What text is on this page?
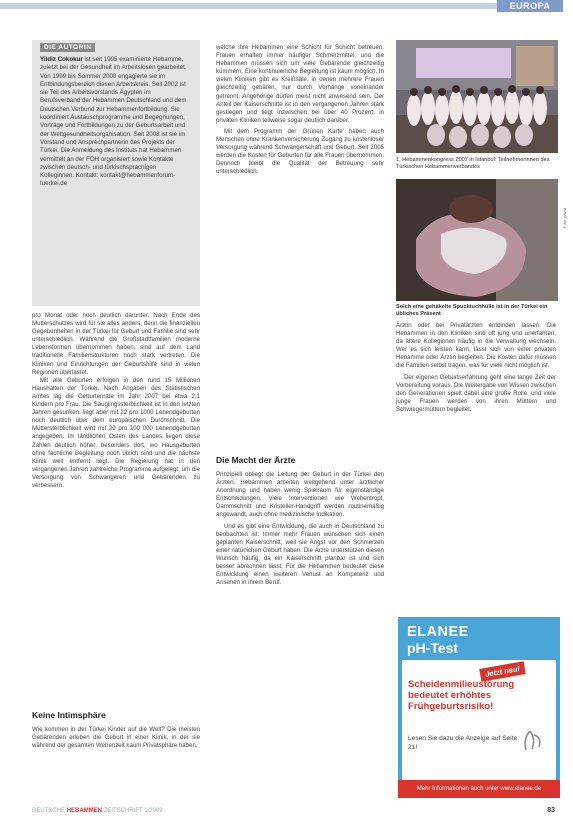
EUROPA
DIE AUTORIN
Yildiz Cokokur ist seit 1995 examinierte Hebamme, zuletzt bei der Gesundheit im Arbeitslosen gearbeitet. Von 1999 bis Sommer 2000 engagierte sie im Entbindungsbereich diesen Arbeitskreis. Seit 2002 ist sie Teil des Arbeitsvorstands Ägypten im Berufsverband der Hebammen Deutschland und dem Deutschen Verbund zur Hebammenfortbildung. Sie koordiniert Austauschprogramme und Begegnungen, Vorträge und Fortbildungen zu der Geburtsarbeit und der Weltgesundheitsorganisation. Seit 2008 ist sie im Vorstand und Ansprechpartnerin des Projekts der Türkei. Die Anmeldung des Instituts hat Hebammen vermittelt an der FOH organisiert sowie Kontakte zwischen deutsch- und türkischsprachigen Kolleginnen. Kontakt: kontakt@hebammenforum-tuerkei.de

pro Monat oder noch deutlich darunter. Nach Ende des Mutterschutzes wird für sie alles anders, denn die finanziellen Gegebenheiten in der Türkei für Geburt und Familie sind sehr unterschiedlich. Während die Großstadtfamilien moderne Lebensformen übernommen haben, sind auf dem Land traditionelle Familienstrukturen noch stark vertreten. Die Kliniken und Einrichtungen der Geburtshilfe sind in vielen Regionen überlastet.

Mit alle Geburten erfolgen in den rund 15 Millionen Haushalten der Türkei. Nach Angaben des Statistischen Amtes lag die Geburtenrate im Jahr 2007 bei etwa 2,1 Kindern pro Frau. Die Säuglingssterblichkeit ist in den letzten Jahren gesunken, liegt aber mit 22 pro 1000 Lebendgeburten noch deutlich über dem europäischen Durchschnitt. Die Müttersterblichkeit wird mit 29 pro 100 000 Lebendgeburten angegeben. Im ländlichen Osten des Landes liegen diese Zahlen deutlich höher, besonders dort, wo Hausgeburten ohne fachliche Begleitung noch üblich sind und die nächste Klinik weit entfernt liegt. Die Regierung hat in den vergangenen Jahren zahlreiche Programme aufgelegt, um die Versorgung von Schwangeren und Gebärenden zu verbessern.

Keine Intimsphäre

Wie kommen in der Türkei Kinder auf die Welt? Die meisten Gebärenden erleben die Geburt in einer Klinik, in der sie während der gesamten Wehenzeit kaum Privatsphäre haben.

welche ihre Hebammen eine Schicht für Schicht betreuen. Frauen erhalten immer häufiger Schmerzmittel, und die Hebammen müssen sich um viele Gebärende gleichzeitig kümmern. Eine kontinuierliche Begleitung ist kaum möglich. In vielen Kliniken gibt es Kreißsäle, in denen mehrere Frauen gleichzeitig gebären, nur durch Vorhänge voneinander getrennt. Angehörige dürfen meist nicht anwesend sein. Der Anteil der Kaiserschnitte ist in den vergangenen Jahren stark gestiegen und liegt inzwischen bei über 40 Prozent, in privaten Kliniken teilweise sogar deutlich darüber.

Mit dem Programm der ‚Grünen Karte' haben auch Menschen ohne Krankenversicherung Zugang zu kostenloser Versorgung während Schwangerschaft und Geburt. Seit 2005 werden die Kosten für Geburten für alle Frauen übernommen. Dennoch bleibt die Qualität der Betreuung sehr unterschiedlich.

Die Macht der Ärzte

Prinzipiell obliegt die Leitung der Geburt in der Türkei den Ärzten. Hebammen arbeiten weitgehend unter ärztlicher Anordnung und haben wenig Spielraum für eigenständige Entscheidungen. Viele Interventionen wie Wehentropf, Dammschnitt und Kristeller-Handgriff werden routinemäßig angewandt, auch ohne medizinische Indikation.

Und es gibt eine Entwicklung, die auch in Deutschland zu beobachten ist: Immer mehr Frauen wünschen sich einen geplanten Kaiserschnitt, weil sie Angst vor den Schmerzen einer natürlichen Geburt haben. Die Ärzte unterstützen diesen Wunsch häufig, da ein Kaiserschnitt planbar ist und sich besser abrechnen lässt. Für die Hebammen bedeutet diese Entwicklung einen weiteren Verlust an Kompetenz und Ansehen in ihrem Beruf.

1. Hebammenkongress 2007 in Istanbul: Teilnehmerinnen des Türkischen Hebammenverbandes
Foto: privat
Solch eine gehäkelte Spucktuchhülle ist in der Türkei ein übliches Präsent

Ärztin oder bei Privatärzten entbinden lassen. Die Hebammen in den Kliniken sind oft jung und unerfahren, da ältere Kolleginnen häufig in die Verwaltung wechseln. Wer es sich leisten kann, lässt sich von einer privaten Hebamme oder Ärztin begleiten. Die Kosten dafür müssen die Familien selbst tragen, was für viele nicht möglich ist.

Der eigenen Geburtserfahrung geht eine lange Zeit der Vorbereitung voraus. Die Weitergabe von Wissen zwischen den Generationen spielt dabei eine große Rolle, und viele junge Frauen werden von ihren Müttern und Schwiegermüttern begleitet.

ELANEE
pH-Test
Jetzt neu!
Scheidenmilieustörung bedeutet erhöhtes Frühgeburtsrisiko!
Lesen Sie dazu die Anzeige auf Seite 21!
Mehr Informationen auch unter www.elanee.de
DEUTSCHE HEBAMMEN ZEITSCHRIFT 1/2009	83
